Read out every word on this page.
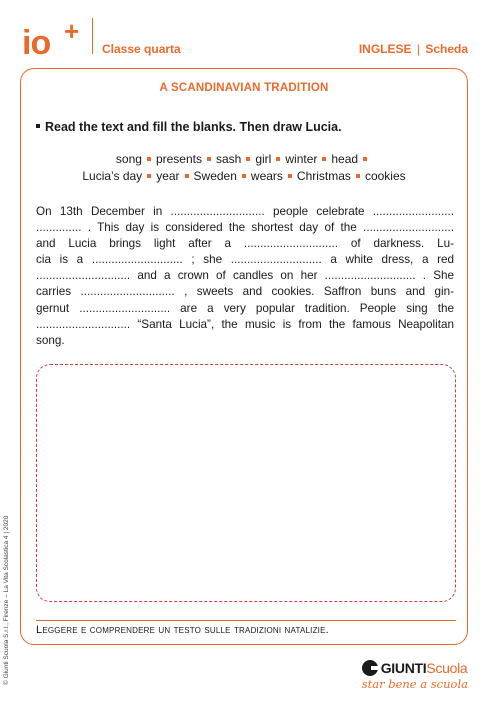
io +
Classe quarta	INGLESE | Scheda
A SCANDINAVIAN TRADITION
Read the text and fill the blanks. Then draw Lucia.
song presents sash girl winter head
Lucia’s day year Sweden wears Christmas cookies
On 13th December in ............................. people celebrate .........................
.............. . This day is considered the shortest day of the ............................
and Lucia brings light after a ............................. of darkness. Lu-
cia is a ............................ ; she ............................ a white dress, a red
............................. and a crown of candles on her ............................ . She
carries ............................. , sweets and cookies. Saffron buns and gin-
gernut ............................ are a very popular tradition. People sing the
............................. “Santa Lucia”, the music is from the famous Neapolitan
song.
Leggere e comprendere un testo sulle tradizioni natalizie.
© Giunti Scuola S.r.l., Firenze – La Vita Scolastica 4 | 2020	GIUNTIScuola
star bene a scuola
